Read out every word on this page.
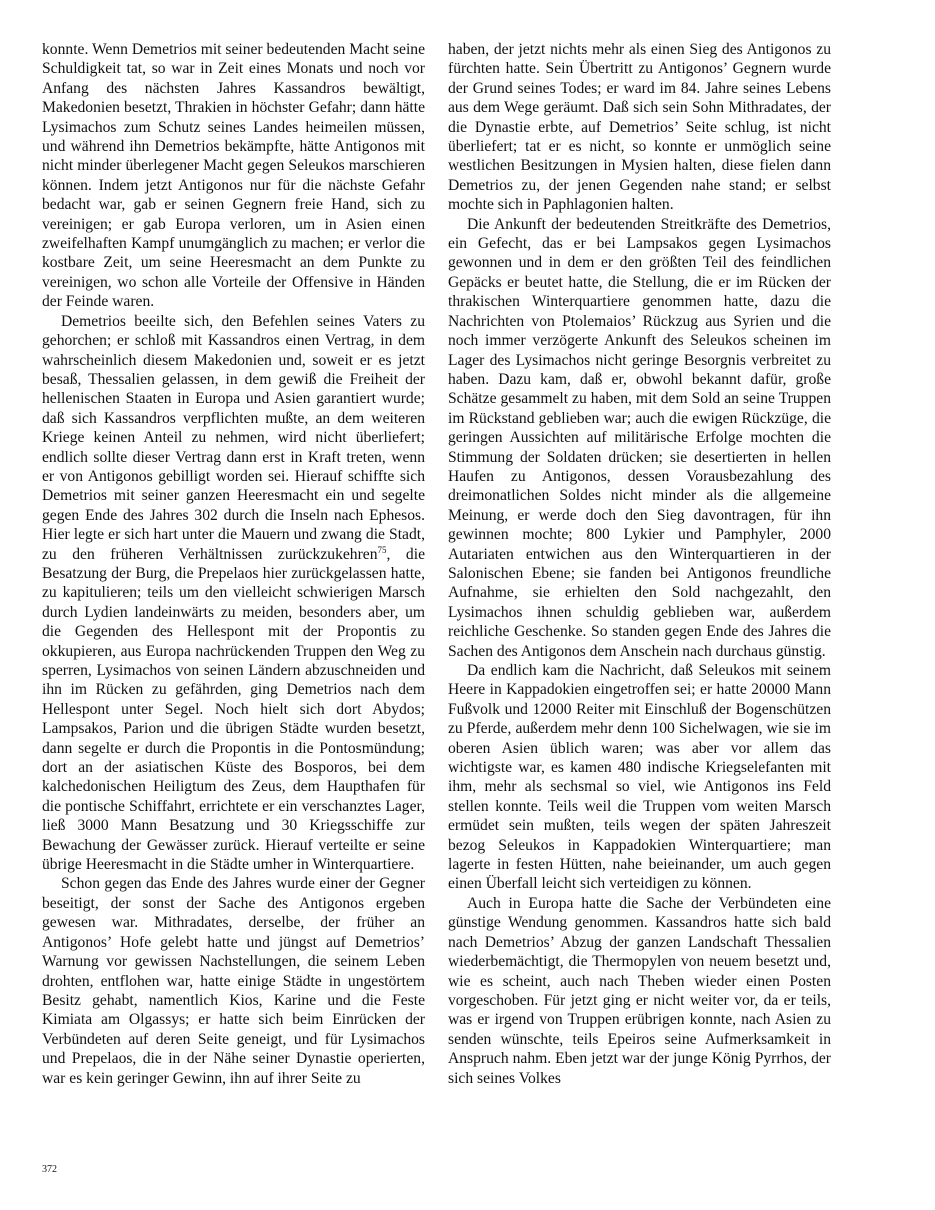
konnte. Wenn Demetrios mit seiner bedeutenden Macht seine Schuldigkeit tat, so war in Zeit eines Monats und noch vor Anfang des nächsten Jahres Kassandros bewältigt, Makedonien besetzt, Thrakien in höchster Gefahr; dann hätte Lysimachos zum Schutz seines Landes heimeilen müssen, und während ihn Demetrios bekämpfte, hätte Antigonos mit nicht minder überlegener Macht gegen Seleukos marschieren können. Indem jetzt Antigonos nur für die nächste Gefahr bedacht war, gab er seinen Gegnern freie Hand, sich zu vereinigen; er gab Europa verloren, um in Asien einen zweifelhaften Kampf unumgänglich zu machen; er verlor die kostbare Zeit, um seine Heeresmacht an dem Punkte zu vereinigen, wo schon alle Vorteile der Offensive in Händen der Feinde waren.

Demetrios beeilte sich, den Befehlen seines Vaters zu gehorchen; er schloß mit Kassandros einen Vertrag, in dem wahrscheinlich diesem Makedonien und, soweit er es jetzt besaß, Thessalien gelassen, in dem gewiß die Freiheit der hellenischen Staaten in Europa und Asien garantiert wurde; daß sich Kassandros verpflichten mußte, an dem weiteren Kriege keinen Anteil zu nehmen, wird nicht überliefert; endlich sollte dieser Vertrag dann erst in Kraft treten, wenn er von Antigonos gebilligt worden sei. Hierauf schiffte sich Demetrios mit seiner ganzen Heeresmacht ein und segelte gegen Ende des Jahres 302 durch die Inseln nach Ephesos. Hier legte er sich hart unter die Mauern und zwang die Stadt, zu den früheren Verhältnissen zurückzukehren$^{75}$, die Besatzung der Burg, die Prepelaos hier zurückgelassen hatte, zu kapitulieren; teils um den vielleicht schwierigen Marsch durch Lydien landeinwärts zu meiden, besonders aber, um die Gegenden des Hellespont mit der Propontis zu okkupieren, aus Europa nachrückenden Truppen den Weg zu sperren, Lysimachos von seinen Ländern abzuschneiden und ihn im Rücken zu gefährden, ging Demetrios nach dem Hellespont unter Segel. Noch hielt sich dort Abydos; Lampsakos, Parion und die übrigen Städte wurden besetzt, dann segelte er durch die Propontis in die Pontosmündung; dort an der asiatischen Küste des Bosporos, bei dem kalchedonischen Heiligtum des Zeus, dem Haupthafen für die pontische Schiffahrt, errichtete er ein verschanztes Lager, ließ 3000 Mann Besatzung und 30 Kriegsschiffe zur Bewachung der Gewässer zurück. Hierauf verteilte er seine übrige Heeresmacht in die Städte umher in Winterquartiere.

Schon gegen das Ende des Jahres wurde einer der Gegner beseitigt, der sonst der Sache des Antigonos ergeben gewesen war. Mithradates, derselbe, der früher an Antigonos’ Hofe gelebt hatte und jüngst auf Demetrios’ Warnung vor gewissen Nachstellungen, die seinem Leben drohten, entflohen war, hatte einige Städte in ungestörtem Besitz gehabt, namentlich Kios, Karine und die Feste Kimiata am Olgassys; er hatte sich beim Einrücken der Verbündeten auf deren Seite geneigt, und für Lysimachos und Prepelaos, die in der Nähe seiner Dynastie operierten, war es kein geringer Gewinn, ihn auf ihrer Seite zu

haben, der jetzt nichts mehr als einen Sieg des Antigonos zu fürchten hatte. Sein Übertritt zu Antigonos’ Gegnern wurde der Grund seines Todes; er ward im 84. Jahre seines Lebens aus dem Wege geräumt. Daß sich sein Sohn Mithradates, der die Dynastie erbte, auf Demetrios’ Seite schlug, ist nicht überliefert; tat er es nicht, so konnte er unmöglich seine westlichen Besitzungen in Mysien halten, diese fielen dann Demetrios zu, der jenen Gegenden nahe stand; er selbst mochte sich in Paphlagonien halten.

Die Ankunft der bedeutenden Streitkräfte des Demetrios, ein Gefecht, das er bei Lampsakos gegen Lysimachos gewonnen und in dem er den größten Teil des feindlichen Gepäcks er beutet hatte, die Stellung, die er im Rücken der thrakischen Winterquartiere genommen hatte, dazu die Nachrichten von Ptolemaios’ Rückzug aus Syrien und die noch immer verzögerte Ankunft des Seleukos scheinen im Lager des Lysimachos nicht geringe Besorgnis verbreitet zu haben. Dazu kam, daß er, obwohl bekannt dafür, große Schätze gesammelt zu haben, mit dem Sold an seine Truppen im Rückstand geblieben war; auch die ewigen Rückzüge, die geringen Aussichten auf militärische Erfolge mochten die Stimmung der Soldaten drücken; sie desertierten in hellen Haufen zu Antigonos, dessen Vorausbezahlung des dreimonatlichen Soldes nicht minder als die allgemeine Meinung, er werde doch den Sieg davontragen, für ihn gewinnen mochte; 800 Lykier und Pamphyler, 2000 Autariaten entwichen aus den Winterquartieren in der Salonischen Ebene; sie fanden bei Antigonos freundliche Aufnahme, sie erhielten den Sold nachgezahlt, den Lysimachos ihnen schuldig geblieben war, außerdem reichliche Geschenke. So standen gegen Ende des Jahres die Sachen des Antigonos dem Anschein nach durchaus günstig.

Da endlich kam die Nachricht, daß Seleukos mit seinem Heere in Kappadokien eingetroffen sei; er hatte 20000 Mann Fußvolk und 12000 Reiter mit Einschluß der Bogenschützen zu Pferde, außerdem mehr denn 100 Sichelwagen, wie sie im oberen Asien üblich waren; was aber vor allem das wichtigste war, es kamen 480 indische Kriegselefanten mit ihm, mehr als sechsmal so viel, wie Antigonos ins Feld stellen konnte. Teils weil die Truppen vom weiten Marsch ermüdet sein mußten, teils wegen der späten Jahreszeit bezog Seleukos in Kappadokien Winterquartiere; man lagerte in festen Hütten, nahe beieinander, um auch gegen einen Überfall leicht sich verteidigen zu können.

Auch in Europa hatte die Sache der Verbündeten eine günstige Wendung genommen. Kassandros hatte sich bald nach Demetrios’ Abzug der ganzen Landschaft Thessalien wiederbemächtigt, die Thermopylen von neuem besetzt und, wie es scheint, auch nach Theben wieder einen Posten vorgeschoben. Für jetzt ging er nicht weiter vor, da er teils, was er irgend von Truppen erübrigen konnte, nach Asien zu senden wünschte, teils Epeiros seine Aufmerksamkeit in Anspruch nahm. Eben jetzt war der junge König Pyrrhos, der sich seines Volkes

372
